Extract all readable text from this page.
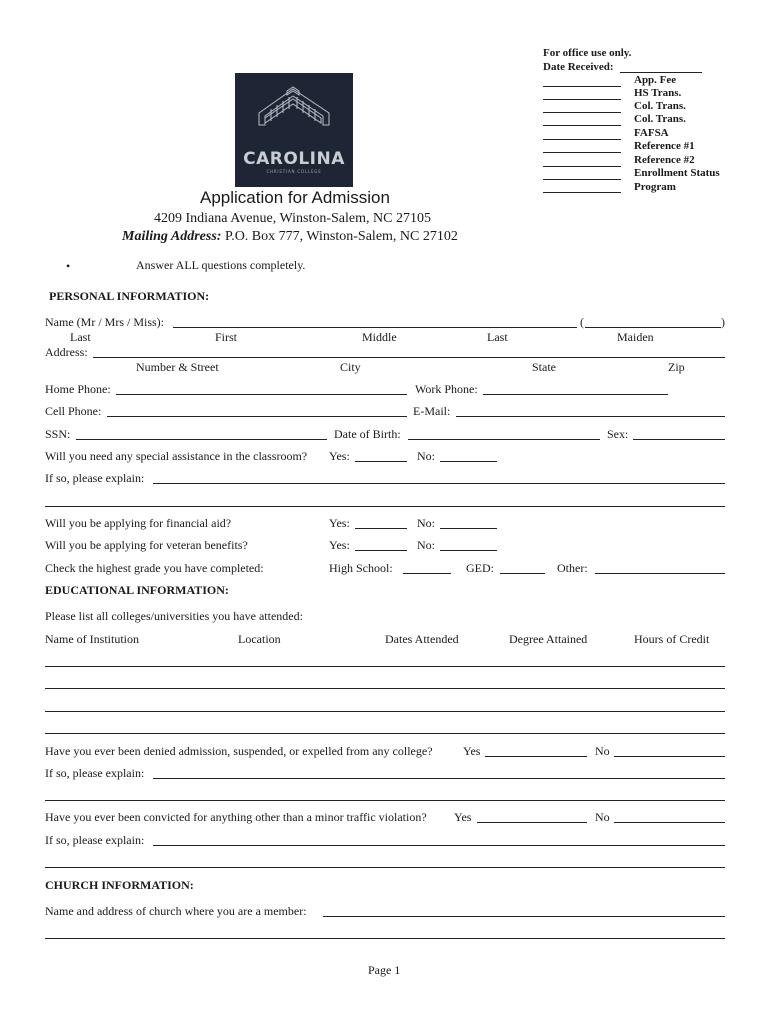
For office use only.
Date Received:
App. Fee
HS Trans.
Col. Trans.
Col. Trans.
FAFSA
Reference #1
Reference #2
Enrollment Status
Program
CAROLINA
CHRISTIAN COLLEGE
Application for Admission
4209 Indiana Avenue, Winston-Salem, NC 27105
Mailing Address: P.O. Box 777, Winston-Salem, NC 27102
•	Answer ALL questions completely.
PERSONAL INFORMATION:
Name (Mr / Mrs / Miss):	(	)
Last	First	Middle	Last	Maiden
Address:
Number & Street	City	State	Zip
Home Phone:	Work Phone:
Cell Phone:	E-Mail:
SSN:	Date of Birth:	Sex:
Will you need any special assistance in the classroom? Yes:	No:
If so, please explain:
Will you be applying for financial aid?	Yes:	No:
Will you be applying for veteran benefits?	Yes:	No:
Check the highest grade you have completed:	High School:	GED:	Other:
EDUCATIONAL INFORMATION:
Please list all colleges/universities you have attended:
Name of Institution	Location	Dates Attended	Degree Attained	Hours of Credit
Have you ever been denied admission, suspended, or expelled from any college?	Yes	No
If so, please explain:
Have you ever been convicted for anything other than a minor traffic violation? Yes	No
If so, please explain:
CHURCH INFORMATION:
Name and address of church where you are a member:
Page 1
